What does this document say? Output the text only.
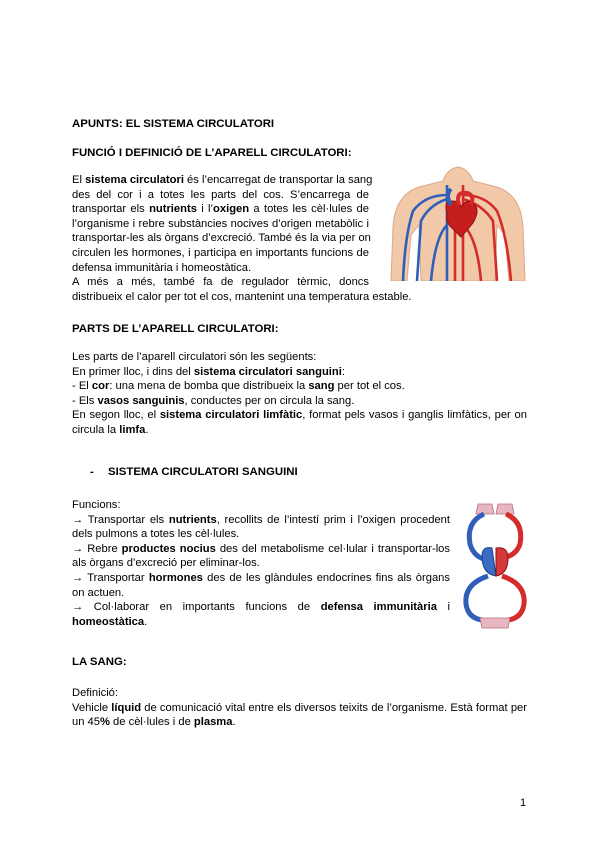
APUNTS: EL SISTEMA CIRCULATORI
FUNCIÓ I DEFINICIÓ DE L’APARELL CIRCULATORI:
El sistema circulatori és l’encarregat de transportar la sang
des del cor i a totes les parts del cos. S’encarrega de
transportar els nutrients i l’oxigen a totes les cèl·lules de
l’organisme i rebre substàncies nocives d’origen metabòlic i
transportar-les als òrgans d’excreció. També és la via per on
circulen les hormones, i participa en importants funcions de
defensa immunitària i homeostàtica.
A més a més, també fa de regulador tèrmic, doncs
distribueix el calor per tot el cos, mantenint una temperatura estable.
PARTS DE L’APARELL CIRCULATORI:
Les parts de l’aparell circulatori són les següents:
En primer lloc, i dins del sistema circulatori sanguini:
- El cor: una mena de bomba que distribueix la sang per tot el cos.
- Els vasos sanguinis, conductes per on circula la sang.
En segon lloc, el sistema circulatori limfàtic, format pels vasos i ganglis limfàtics, per on
circula la limfa.
- SISTEMA CIRCULATORI SANGUINI
Funcions:
→ Transportar els nutrients, recollits de l’intestí prim i l’oxigen procedent
dels pulmons a totes les cèl·lules.
→ Rebre productes nocius des del metabolisme cel·lular i transportar-los
als òrgans d’excreció per eliminar-los.
→ Transportar hormones des de les glàndules endocrines fins als òrgans
on actuen.
→ Col·laborar en importants funcions de defensa immunitària i
homeostàtica.
LA SANG:
Definició:
Vehicle líquid de comunicació vital entre els diversos teixits de l’organisme. Està format per
un 45% de cèl·lules i de plasma.
1
